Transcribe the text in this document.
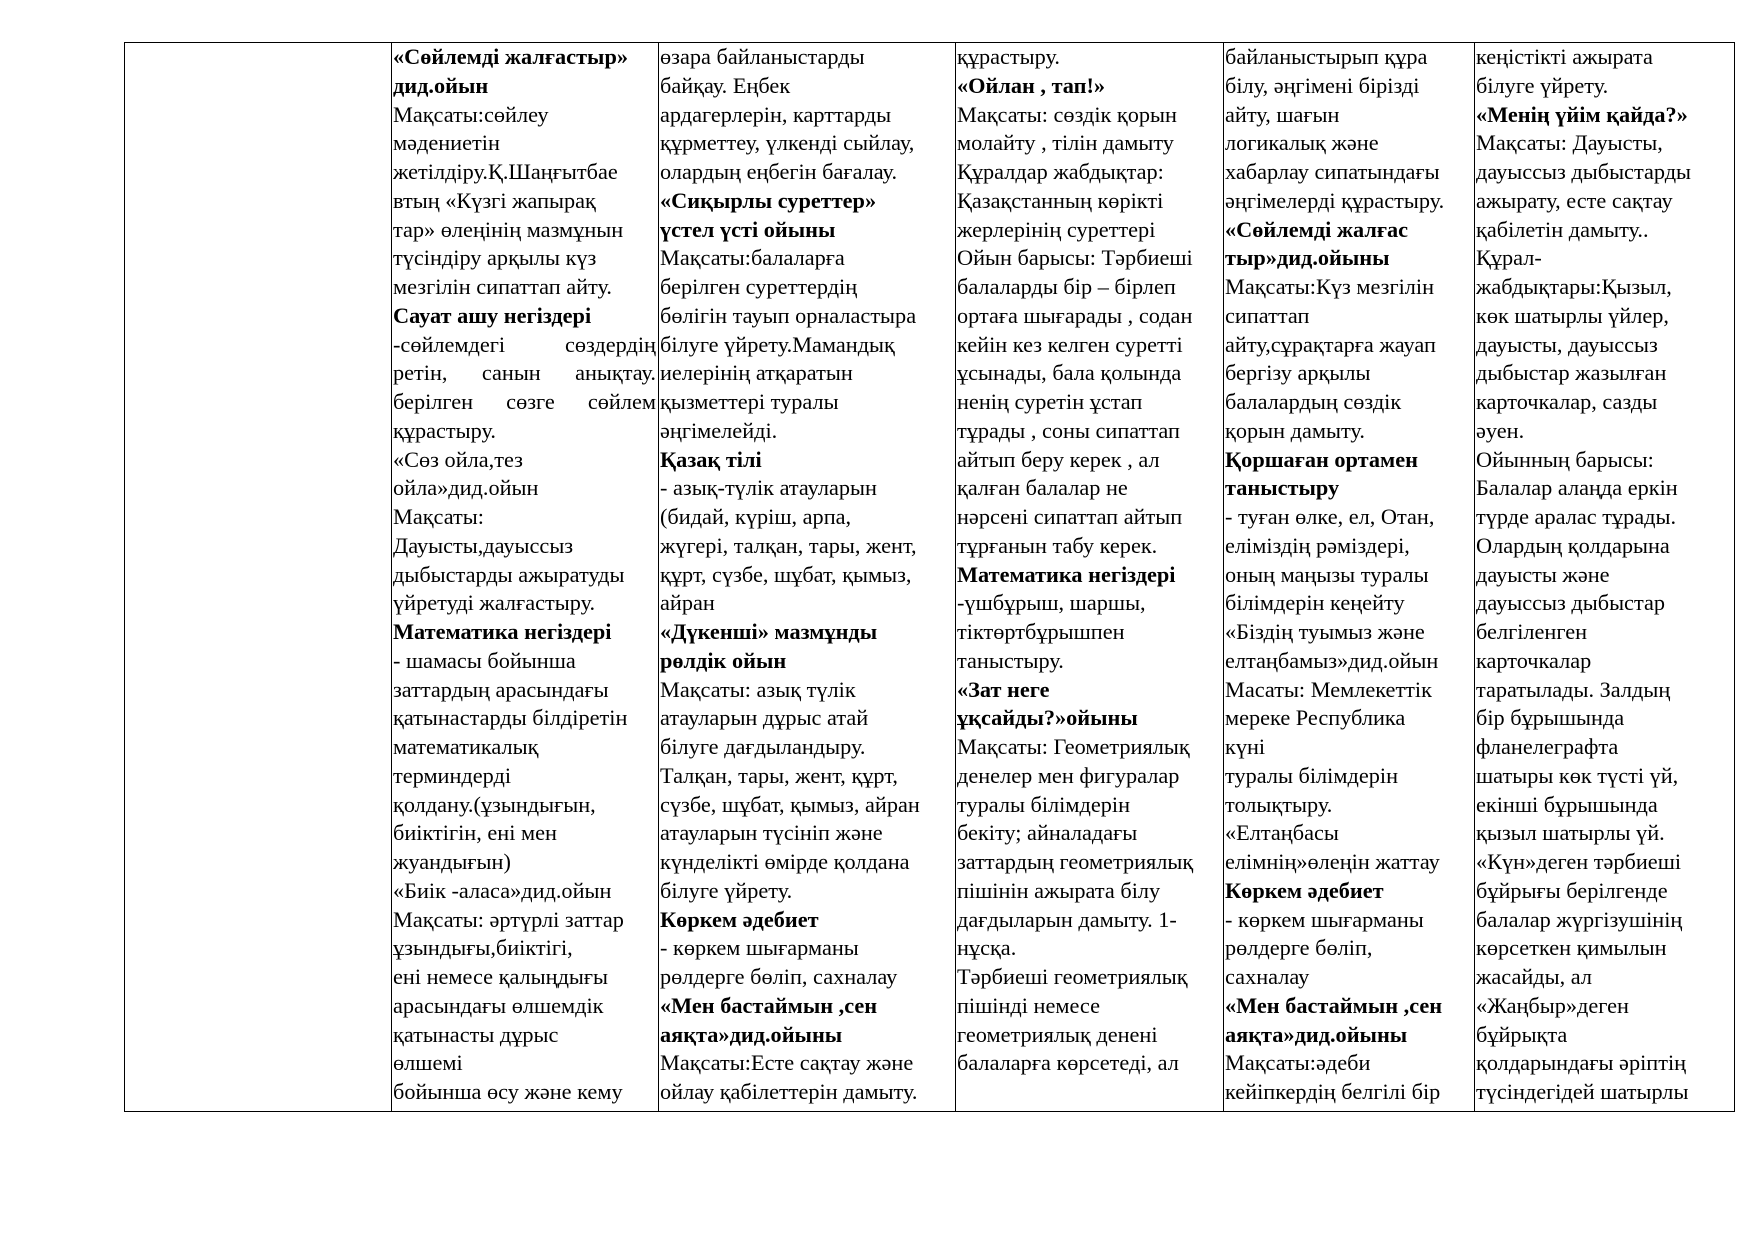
«Сөйлемді жалғастыр»
дид.ойын
Мақсаты:сөйлеу
мәдениетін
жетілдіру.Қ.Шаңғытбае
втың «Күзгі жапырақ
тар» өлеңінің мазмұнын
түсіндіру арқылы күз
мезгілін сипаттап айту.
Сауат ашу негіздері
-сөйлемдегі сөздердің
ретін, санын анықтау.
берілген сөзге сөйлем
құрастыру.
«Сөз ойла,тез
ойла»дид.ойын
Мақсаты:
Дауысты,дауыссыз
дыбыстарды ажыратуды
үйретуді жалғастыру.
Математика негіздері
- шамасы бойынша
заттардың арасындағы
қатынастарды білдіретін
математикалық
терминдерді
қолдану.(ұзындығын,
биіктігін, ені мен
жуандығын)
«Биік -аласа»дид.ойын
Мақсаты: әртүрлі заттар
ұзындығы,биіктігі,
ені немесе қалыңдығы
арасындағы өлшемдік
қатынасты дұрыс
өлшемі
бойынша өсу және кему

өзара байланыстарды
байқау. Еңбек
ардагерлерін, карттарды
құрметтеу, үлкенді сыйлау,
олардың еңбегін бағалау.
«Сиқырлы суреттер»
үстел үсті ойыны
Мақсаты:балаларға
берілген суреттердің
бөлігін тауып орналастыра
білуге үйрету.Мамандық
иелерінің атқаратын
қызметтері туралы
әңгімелейді.
Қазақ тілі
- азық-түлік атауларын
(бидай, күріш, арпа,
жүгері, талқан, тары, жент,
құрт, сүзбе, шұбат, қымыз,
айран
«Дүкенші» мазмұнды
рөлдік ойын
Мақсаты: азық түлік
атауларын дұрыс атай
білуге дағдыландыру.
Талқан, тары, жент, құрт,
сүзбе, шұбат, қымыз, айран
атауларын түсініп және
күнделікті өмірде қолдана
білуге үйрету.
Көркем әдебиет
- көркем шығарманы
рөлдерге бөліп, сахналау
«Мен бастаймын ,сен
аяқта»дид.ойыны
Мақсаты:Есте сақтау және
ойлау қабілеттерін дамыту.

құрастыру.
«Ойлан , тап!»
Мақсаты: сөздік қорын
молайту , тілін дамыту
Құралдар жабдықтар:
Қазақстанның көрікті
жерлерінің суреттері
Ойын барысы: Тәрбиеші
балаларды бір – бірлеп
ортаға шығарады , содан
кейін кез келген суретті
ұсынады, бала қолында
ненің суретін ұстап
тұрады , соны сипаттап
айтып беру керек , ал
қалған балалар не
нәрсені сипаттап айтып
тұрғанын табу керек.
Математика негіздері
-үшбұрыш, шаршы,
тіктөртбұрышпен
таныстыру.
«Зат неге
ұқсайды?»ойыны
Мақсаты: Геометриялық
денелер мен фигуралар
туралы білімдерін
бекіту; айналадағы
заттардың геометриялық
пішінін ажырата білу
дағдыларын дамыту. 1-
нұсқа.
Тәрбиеші геометриялық
пішінді немесе
геометриялық денені
балаларға көрсетеді, ал

байланыстырып құра
білу, әңгімені бірізді
айту, шағын
логикалық және
хабарлау сипатындағы
әңгімелерді құрастыру.
«Сөйлемді жалғас
тыр»дид.ойыны
Мақсаты:Күз мезгілін
сипаттап
айту,сұрақтарға жауап
бергізу арқылы
балалардың сөздік
қорын дамыту.
Қоршаған ортамен
таныстыру
- туған өлке, ел, Отан,
еліміздің рәміздері,
оның маңызы туралы
білімдерін кеңейту
«Біздің туымыз және
елтаңбамыз»дид.ойын
Масаты: Мемлекеттік
мереке Республика
күні
туралы білімдерін
толықтыру.
«Елтаңбасы
елімнің»өлеңін жаттау
Көркем әдебиет
- көркем шығарманы
рөлдерге бөліп,
сахналау
«Мен бастаймын ,сен
аяқта»дид.ойыны
Мақсаты:әдеби
кейіпкердің белгілі бір

кеңістікті ажырата
білуге үйрету.
«Менің үйім қайда?»
Мақсаты: Дауысты,
дауыссыз дыбыстарды
ажырату, есте сақтау
қабілетін дамыту..
Құрал-
жабдықтары:Қызыл,
көк шатырлы үйлер,
дауысты, дауыссыз
дыбыстар жазылған
карточкалар, сазды
әуен.
Ойынның барысы:
Балалар алаңда еркін
түрде аралас тұрады.
Олардың қолдарына
дауысты және
дауыссыз дыбыстар
белгіленген
карточкалар
таратылады. Залдың
бір бұрышында
фланелеграфта
шатыры көк түсті үй,
екінші бұрышында
қызыл шатырлы үй.
«Күн»деген тәрбиеші
бұйрығы берілгенде
балалар жүргізушінің
көрсеткен қимылын
жасайды, ал
«Жаңбыр»деген
бұйрықта
қолдарындағы әріптің
түсіндегідей шатырлы
